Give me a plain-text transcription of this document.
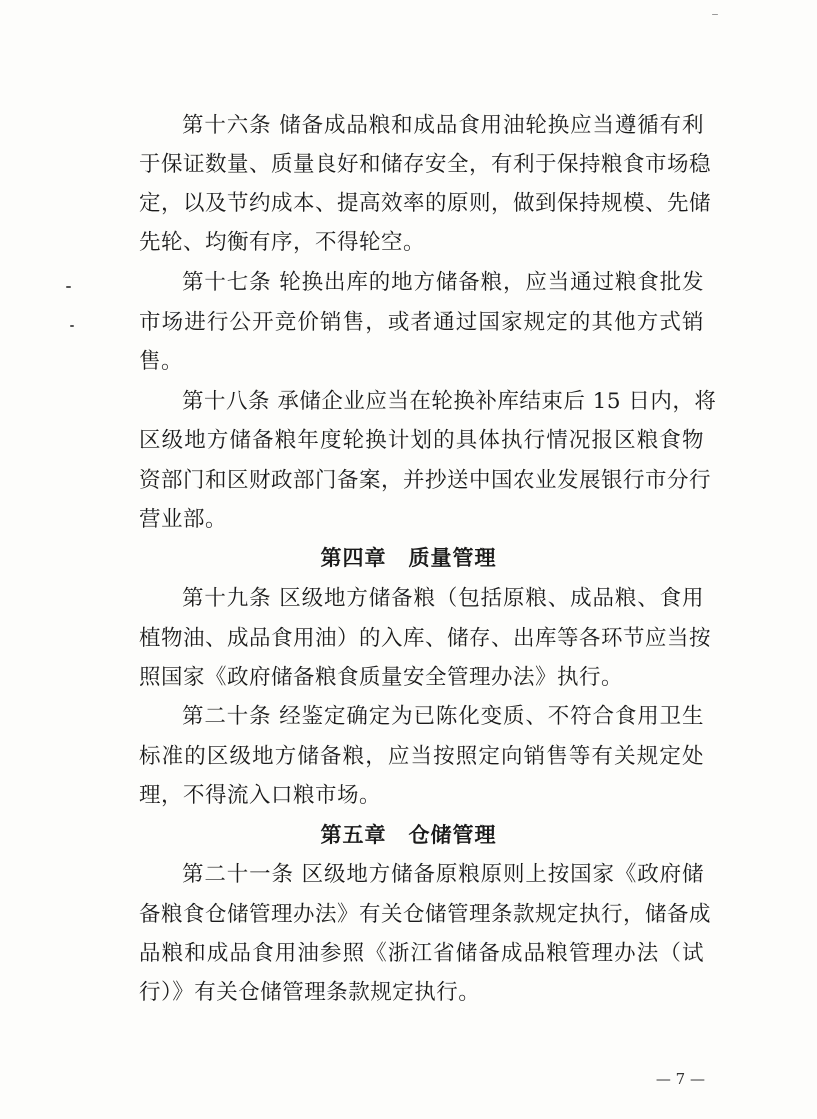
第十六条 储备成品粮和成品食用油轮换应当遵循有利
于保证数量、质量良好和储存安全，有利于保持粮食市场稳
定，以及节约成本、提高效率的原则，做到保持规模、先储
先轮、均衡有序，不得轮空。
第十七条 轮换出库的地方储备粮，应当通过粮食批发
市场进行公开竞价销售，或者通过国家规定的其他方式销
售。
第十八条 承储企业应当在轮换补库结束后 15 日内，将
区级地方储备粮年度轮换计划的具体执行情况报区粮食物
资部门和区财政部门备案，并抄送中国农业发展银行市分行
营业部。
第四章　质量管理
第十九条 区级地方储备粮（包括原粮、成品粮、食用
植物油、成品食用油）的入库、储存、出库等各环节应当按
照国家《政府储备粮食质量安全管理办法》执行。
第二十条 经鉴定确定为已陈化变质、不符合食用卫生
标准的区级地方储备粮，应当按照定向销售等有关规定处
理，不得流入口粮市场。
第五章　仓储管理
第二十一条 区级地方储备原粮原则上按国家《政府储
备粮食仓储管理办法》有关仓储管理条款规定执行，储备成
品粮和成品食用油参照《浙江省储备成品粮管理办法（试
行）》有关仓储管理条款规定执行。
— 7 —
